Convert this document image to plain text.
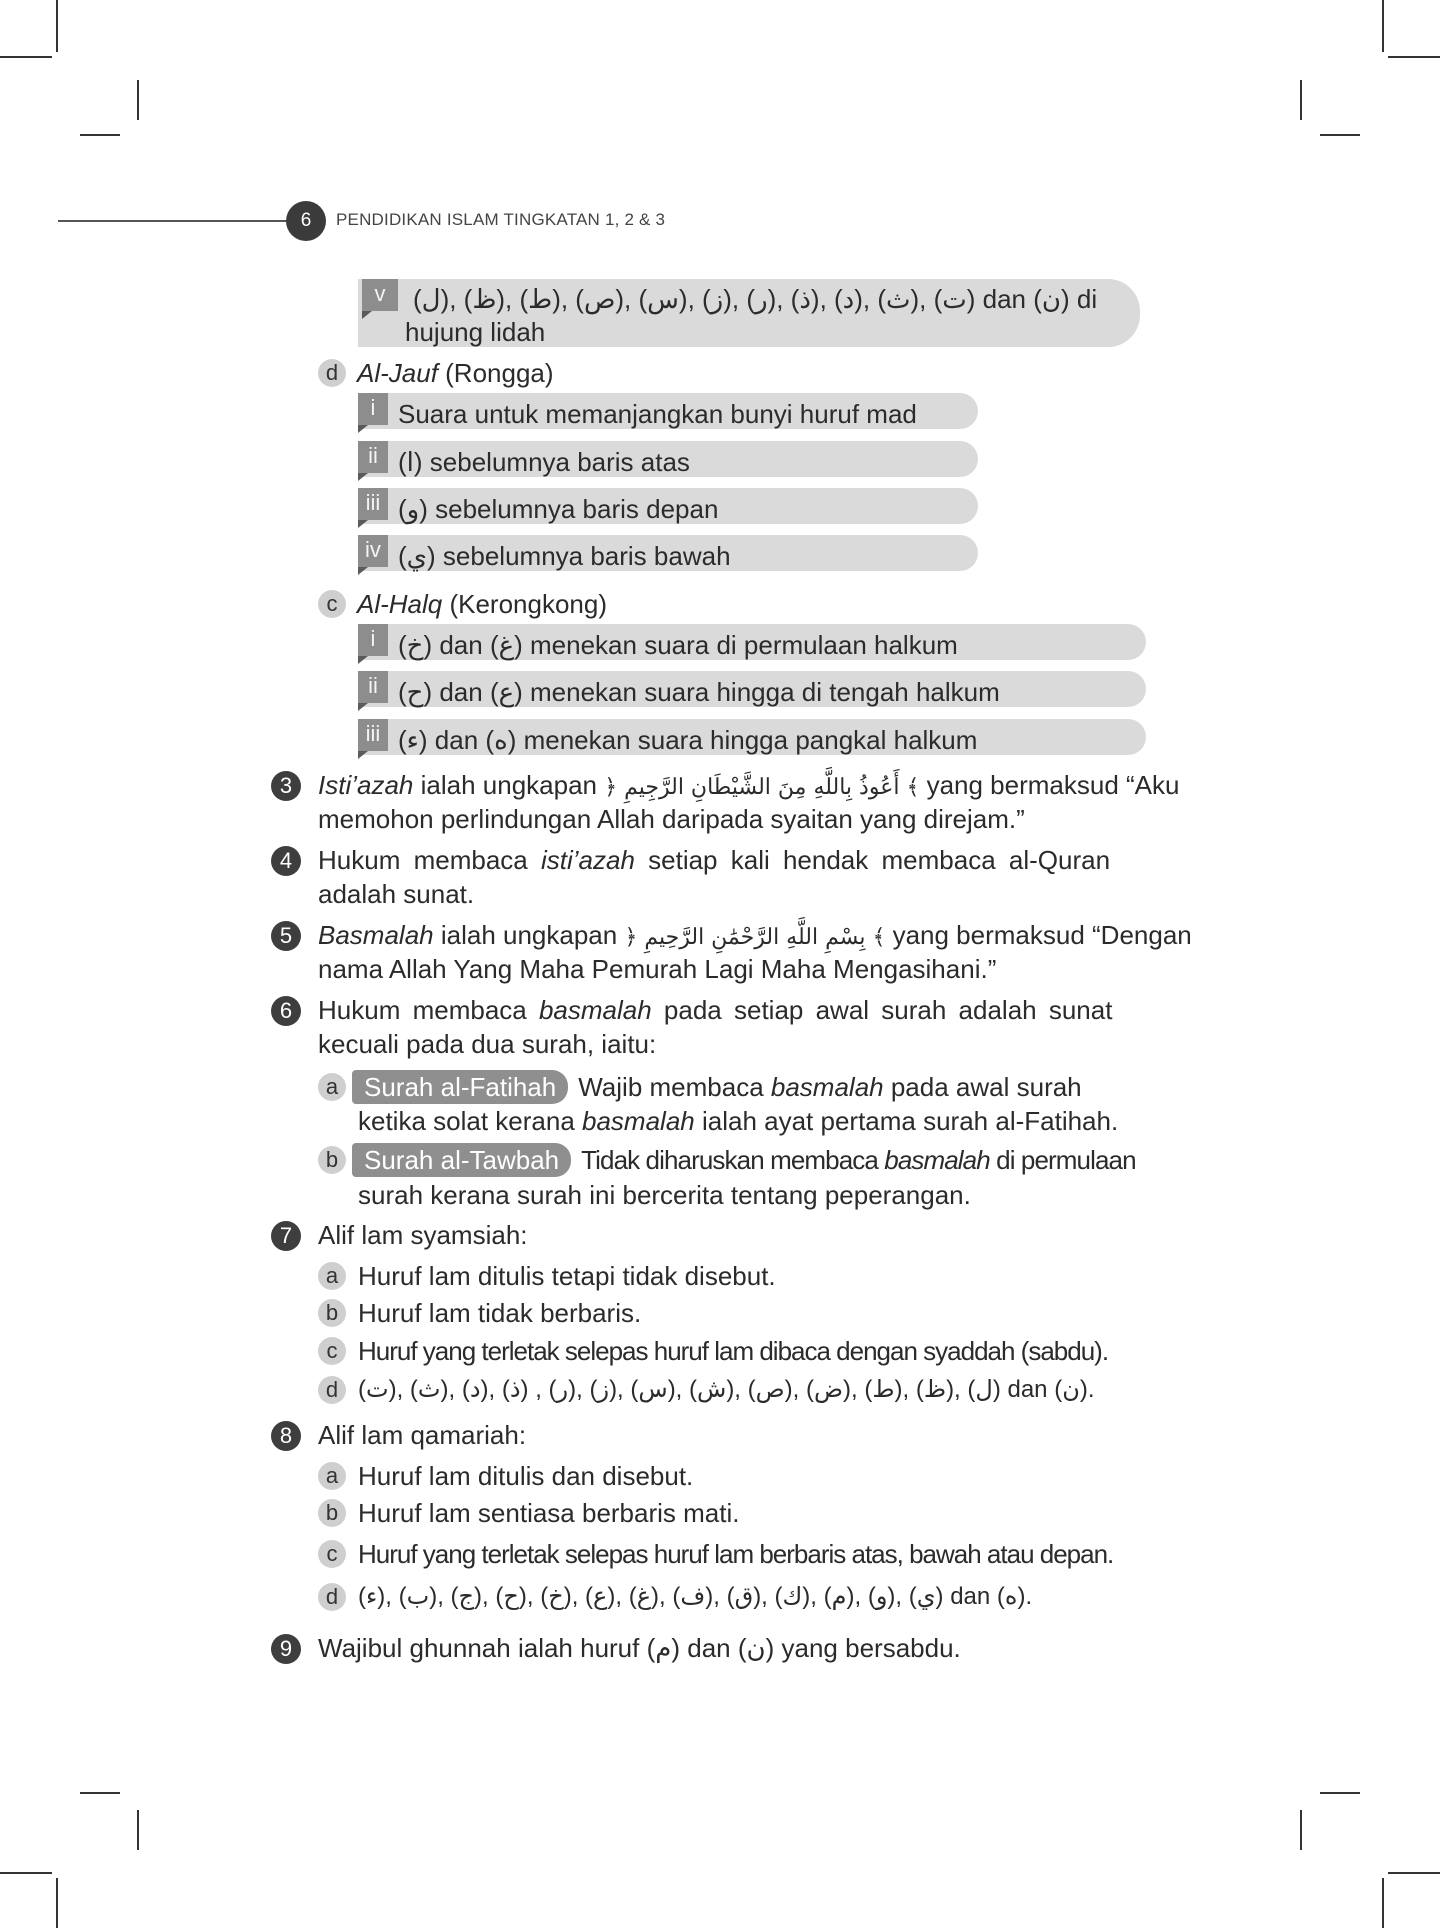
6	PENDIDIKAN ISLAM TINGKATAN 1, 2 & 3
v	(ل), (ظ), (ط), (ص), (س), (ز), (ر), (ذ), (د), (ث), (ت) dan (ن) di
hujung lidah
d Al-Jauf (Rongga)
i Suara untuk memanjangkan bunyi huruf mad
ii (ا) sebelumnya baris atas
iii (و) sebelumnya baris depan
iv (ي) sebelumnya baris bawah
c Al-Halq (Kerongkong)
i (خ) dan (غ) menekan suara di permulaan halkum
ii (ح) dan (ع) menekan suara hingga di tengah halkum
iii (ء) dan (ه) menekan suara hingga pangkal halkum
3 Isti’azah ialah ungkapan ﴿ أَعُوذُ بِاللَّهِ مِنَ الشَّيْطَانِ الرَّجِيمِ ﴾ yang bermaksud “Aku
memohon perlindungan Allah daripada syaitan yang direjam.”
4 Hukum membaca isti’azah setiap kali hendak membaca al-Quran
adalah sunat.
5 Basmalah ialah ungkapan ﴿ بِسْمِ اللَّهِ الرَّحْمَٰنِ الرَّحِيمِ ﴾ yang bermaksud “Dengan
nama Allah Yang Maha Pemurah Lagi Maha Mengasihani.”
6 Hukum membaca basmalah pada setiap awal surah adalah sunat
kecuali pada dua surah, iaitu:
a Surah al-Fatihah Wajib membaca basmalah pada awal surah
ketika solat kerana basmalah ialah ayat pertama surah al-Fatihah.
b Surah al-Tawbah Tidak diharuskan membaca basmalah di permulaan
surah kerana surah ini bercerita tentang peperangan.
7 Alif lam syamsiah:
a Huruf lam ditulis tetapi tidak disebut.
b Huruf lam tidak berbaris.
c Huruf yang terletak selepas huruf lam dibaca dengan syaddah (sabdu).
d (ت), (ث), (د), (ذ) , (ر), (ز), (س), (ش), (ص), (ض), (ط), (ظ), (ل) dan (ن).
8 Alif lam qamariah:
a Huruf lam ditulis dan disebut.
b Huruf lam sentiasa berbaris mati.
c Huruf yang terletak selepas huruf lam berbaris atas, bawah atau depan.
d (ء), (ب), (ج), (ح), (خ), (ع), (غ), (ف), (ق), (ك), (م), (و), (ي) dan (ه).
9 Wajibul ghunnah ialah huruf (م) dan (ن) yang bersabdu.
